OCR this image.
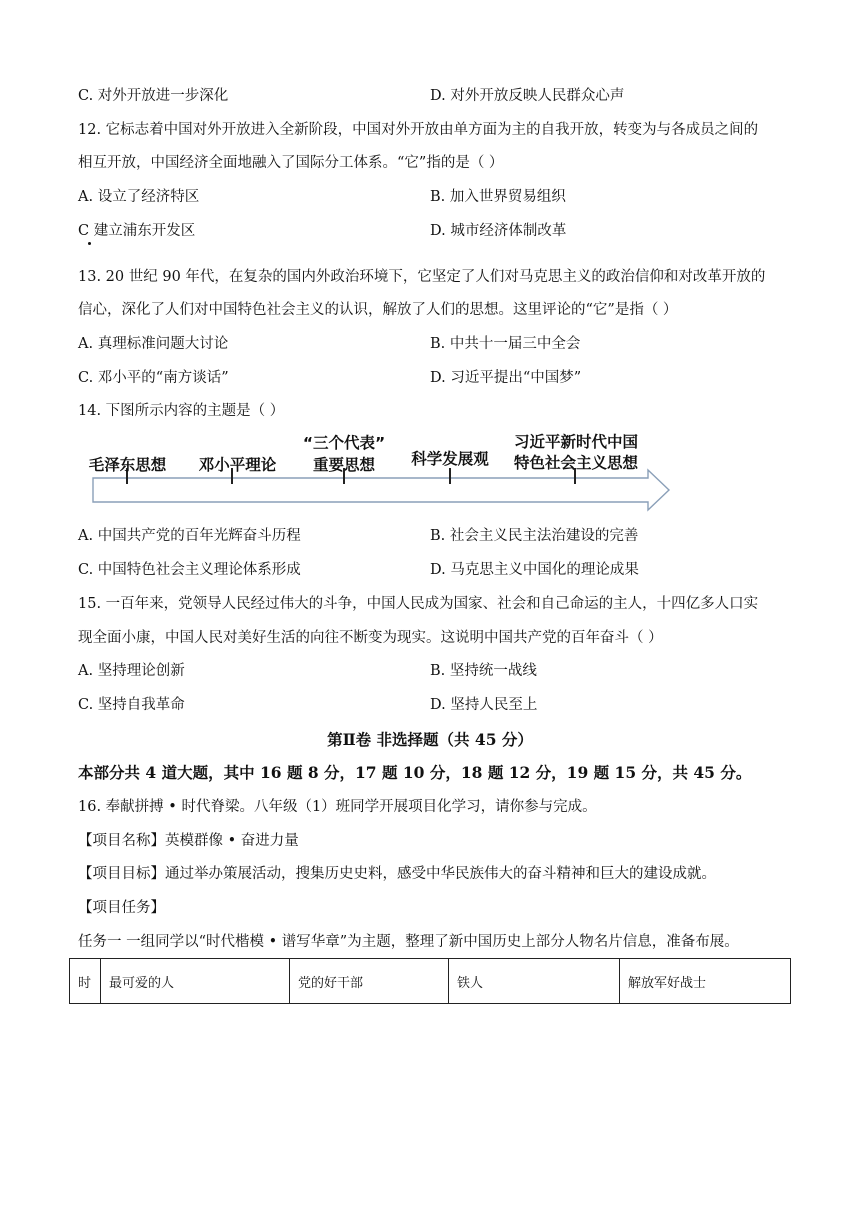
C. 对外开放进一步深化	D. 对外开放反映人民群众心声
12. 它标志着中国对外开放进入全新阶段，中国对外开放由单方面为主的自我开放，转变为与各成员之间的
相互开放，中国经济全面地融入了国际分工体系。“它”指的是（ ）
A. 设立了经济特区	B. 加入世界贸易组织
C 建立浦东开发区	D. 城市经济体制改革
13. 20 世纪 90 年代，在复杂的国内外政治环境下，它坚定了人们对马克思主义的政治信仰和对改革开放的
信心，深化了人们对中国特色社会主义的认识，解放了人们的思想。这里评论的“它”是指（ ）
A. 真理标准问题大讨论	B. 中共十一届三中全会
C. 邓小平的“南方谈话”	D. 习近平提出“中国梦”
14. 下图所示内容的主题是（ ）
毛泽东思想	邓小平理论
“三个代表”
重要思想	科学发展观
习近平新时代中国
特色社会主义思想
A. 中国共产党的百年光辉奋斗历程	B. 社会主义民主法治建设的完善
C. 中国特色社会主义理论体系形成	D. 马克思主义中国化的理论成果
15. 一百年来，党领导人民经过伟大的斗争，中国人民成为国家、社会和自己命运的主人，十四亿多人口实
现全面小康，中国人民对美好生活的向往不断变为现实。这说明中国共产党的百年奋斗（ ）
A. 坚持理论创新	B. 坚持统一战线
C. 坚持自我革命	D. 坚持人民至上
第Ⅱ卷 非选择题（共 45 分）
本部分共 4 道大题，其中 16 题 8 分，17 题 10 分，18 题 12 分，19 题 15 分，共 45 分。
16. 奉献拼搏 • 时代脊梁。八年级（1）班同学开展项目化学习，请你参与完成。
【项目名称】英模群像 • 奋进力量
【项目目标】通过举办策展活动，搜集历史史料，感受中华民族伟大的奋斗精神和巨大的建设成就。
【项目任务】
任务一 一组同学以“时代楷模 • 谱写华章”为主题，整理了新中国历史上部分人物名片信息，准备布展。
时	最可爱的人	党的好干部	铁人	解放军好战士
